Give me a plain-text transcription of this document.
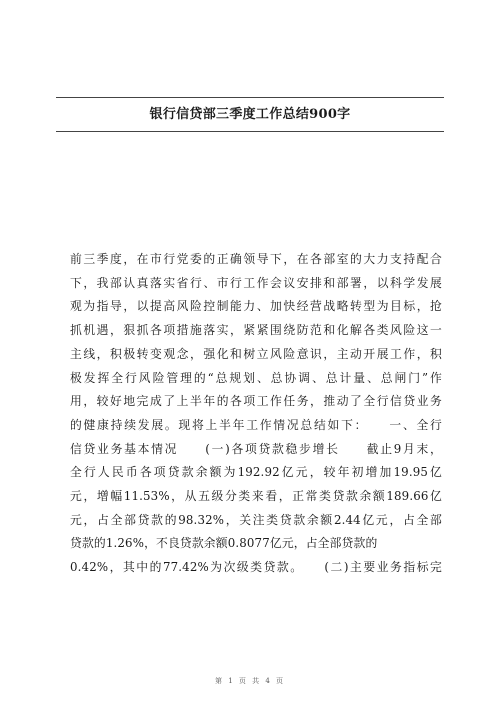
银行信贷部三季度工作总结900字
前三季度，在市行党委的正确领导下，在各部室的大力支持配合
下，我部认真落实省行、市行工作会议安排和部署，以科学发展
观为指导，以提高风险控制能力、加快经营战略转型为目标，抢
抓机遇，狠抓各项措施落实，紧紧围绕防范和化解各类风险这一
主线，积极转变观念，强化和树立风险意识，主动开展工作，积
极发挥全行风险管理的“总规划、总协调、总计量、总闸门”作
用，较好地完成了上半年的各项工作任务，推动了全行信贷业务
的健康持续发展。现将上半年工作情况总结如下：　　一、全行
信贷业务基本情况　　(一)各项贷款稳步增长　　截止9月末，
全行人民币各项贷款余额为192.92亿元，较年初增加19.95亿
元，增幅11.53%，从五级分类来看，正常类贷款余额189.66亿
元，占全部贷款的98.32%，关注类贷款余额2.44亿元，占全部
贷款的1.26%，不良贷款余额0.8077亿元，占全部贷款的
0.42%，其中的77.42%为次级类贷款。　　(二)主要业务指标完
第 1 页 共 4 页
